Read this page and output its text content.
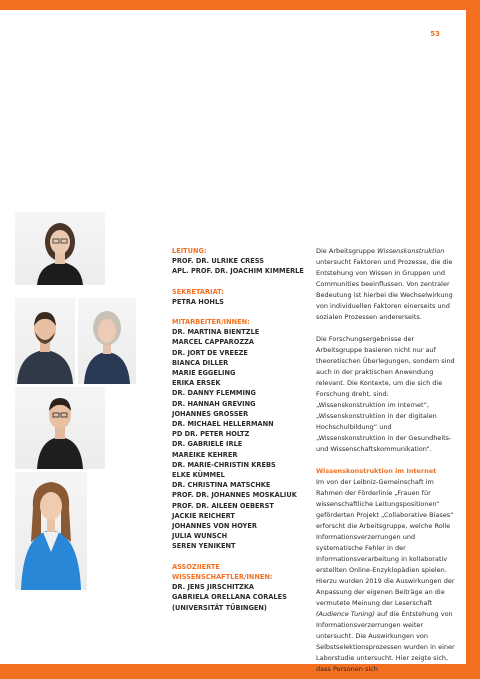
53
LEITUNG:
PROF. DR. ULRIKE CRESS
APL. PROF. DR. JOACHIM KIMMERLE
SEKRETARIAT:
PETRA HOHLS
MITARBEITER/INNEN:
DR. MARTINA BIENTZLE
MARCEL CAPPAROZZA
DR. JORT DE VREEZE
BIANCA DILLER
MARIE EGGELING
ERIKA ERSEK
DR. DANNY FLEMMING
DR. HANNAH GREVING
JOHANNES GROSSER
DR. MICHAEL HELLERMANN
PD DR. PETER HOLTZ
DR. GABRIELE IRLE
MAREIKE KEHRER
DR. MARIE-CHRISTIN KREBS
ELKE KÜMMEL
DR. CHRISTINA MATSCHKE
PROF. DR. JOHANNES MOSKALIUK
PROF. DR. AILEEN OEBERST
JACKIE REICHERT
JOHANNES VON HOYER
JULIA WUNSCH
SEREN YENIKENT
ASSOZIIERTE
WISSENSCHAFTLER/INNEN:
DR. JENS JIRSCHITZKA
GABRIELA ORELLANA CORALES
(UNIVERSITÄT TÜBINGEN)

Die Arbeitsgruppe Wissenskonstruktion untersucht Faktoren und Prozesse, die die Entstehung von Wissen in Gruppen und Communities beeinflussen. Von zentraler Bedeutung ist hierbei die Wechselwirkung von individuellen Faktoren einerseits und sozialen Prozessen andererseits.

Die Forschungsergebnisse der Arbeitsgruppe basieren nicht nur auf theoretischen Überlegungen, sondern sind auch in der praktischen Anwendung relevant. Die Kontexte, um die sich die Forschung dreht, sind: „Wissenskonstruktion im Internet“, „Wissenskonstruktion in der digitalen Hochschulbildung“ und „Wissenskonstruktion in der Gesundheits- und Wissenschaftskommunikation“.

Wissenskonstruktion im Internet

Im von der Leibniz-Gemeinschaft im Rahmen der Förderlinie „Frauen für wissenschaftliche Leitungspositionen“ geförderten Projekt „Collaborative Biases“ erforscht die Arbeitsgruppe, welche Rolle Informationsverzerrungen und systematische Fehler in der Informationsverarbeitung in kollaborativ erstellten Online-Enzyklopädien spielen. Hierzu wurden 2019 die Auswirkungen der Anpassung der eigenen Beiträge an die vermutete Meinung der Leserschaft (Audience Tuning) auf die Entstehung von Informationsverzerrungen weiter untersucht. Die Auswirkungen von Selbstselektionsprozessen wurden in einer Laborstudie untersucht. Hier zeigte sich, dass Personen sich
